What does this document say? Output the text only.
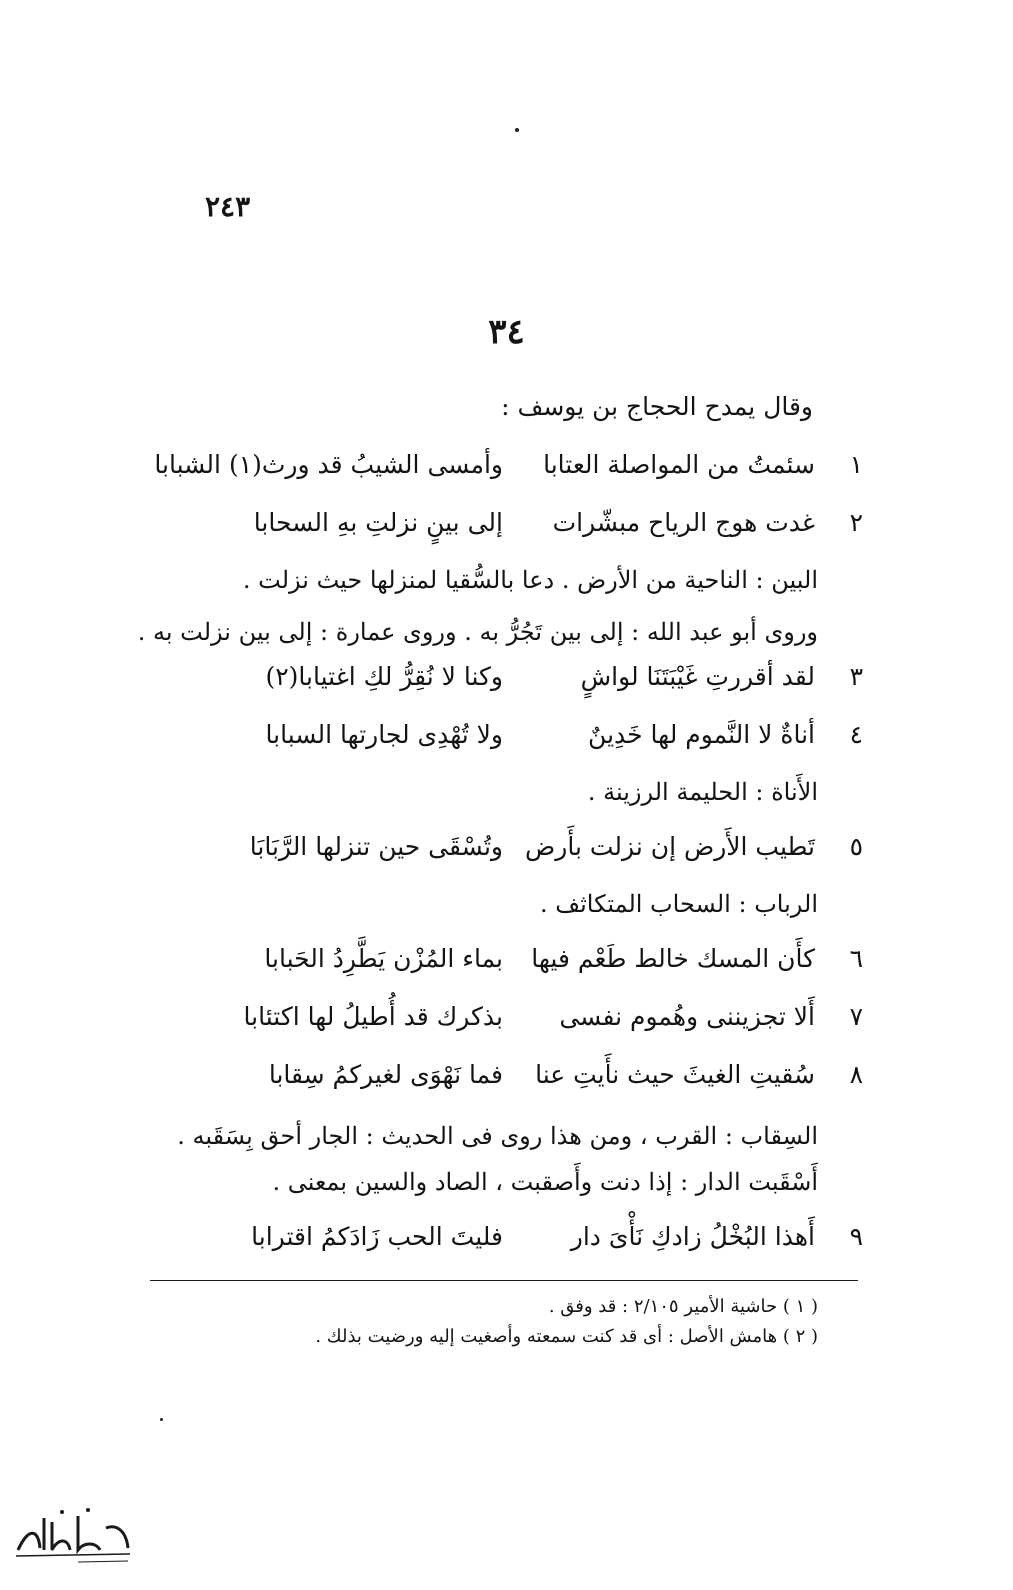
٢٤٣
٣٤
وقال يمدح الحجاج بن يوسف :
١
سئمتُ من المواصلة العتابا
وأمسى الشيبُ قد ورث(١) الشبابا
٢
غدت هوج الرياح مبشّرات
إلى بينٍ نزلتِ بهِ السحابا
البين : الناحية من الأرض . دعا بالسُّقيا لمنزلها حيث نزلت .
وروى أبو عبد الله : إلى بين تَجُرُّ به . وروى عمارة : إلى بين نزلت به .
٣
لقد أقررتِ غَيْبَتَنَا لواشٍ
وكنا لا نُقِرُّ لكِ اغتيابا(٢)
٤
أناةٌ لا النَّموم لها خَدِينٌ
ولا تُهْدِى لجارتها السبابا
الأَناة : الحليمة الرزينة .
٥
تَطيب الأَرض إن نزلت بأَرض
وتُسْقَى حين تنزلها الرَّبَابَا
الرباب : السحاب المتكاثف .
٦
كأَن المسك خالط طَعْم فيها
بماء المُزْن يَطَّرِدُ الحَبابا
٧
أَلا تجزيننى وهُموم نفسى
بذكرك قد أُطيلُ لها اكتئابا
٨
سُقيتِ الغيثَ حيث نأَيتِ عنا
فما نَهْوَى لغيركمُ سِقابا
السِقاب : القرب ، ومن هذا روى فى الحديث : الجار أحق بِسَقَبه .
أَسْقَبت الدار : إذا دنت وأَصقبت ، الصاد والسين بمعنى .
٩
أَهذا البُخْلُ زادكِ نَأْىَ دار
فليتَ الحب زَادَكمُ اقترابا
( ١ ) حاشية الأمير ٢/١٠٥ : قد وفق .
( ٢ ) هامش الأصل : أى قد كنت سمعته وأصغيت إليه ورضيت بذلك .
